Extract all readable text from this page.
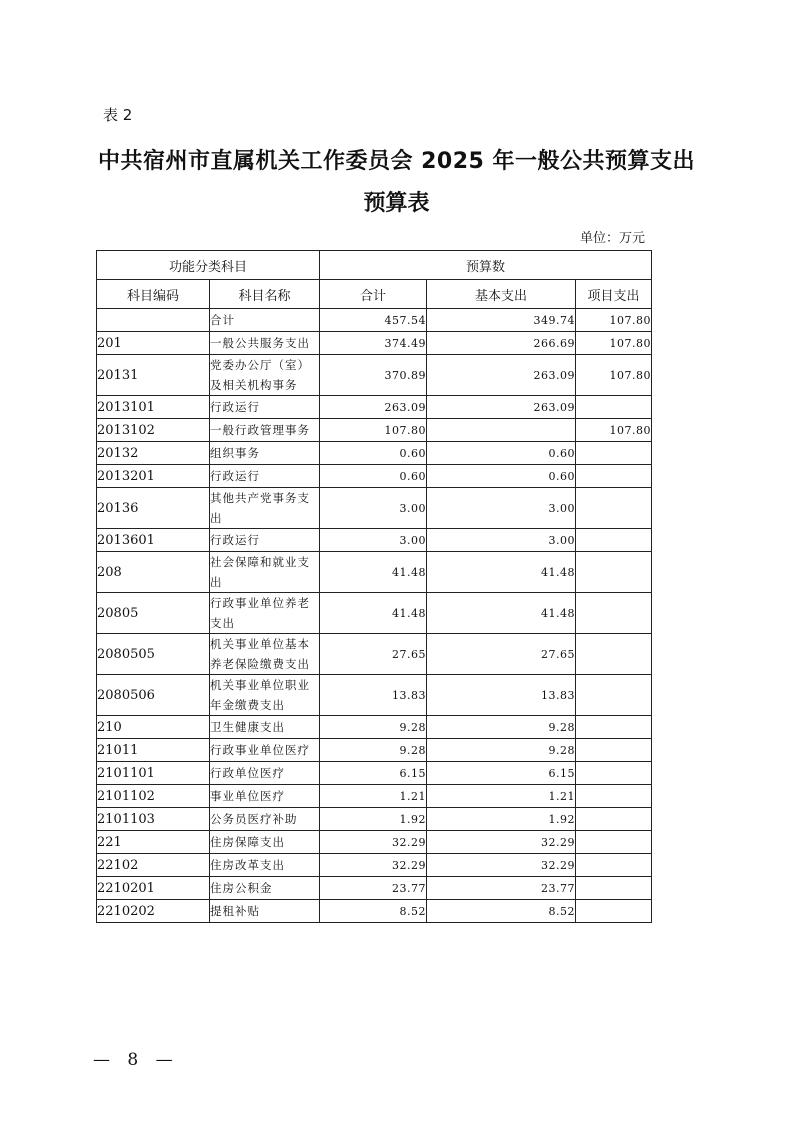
表 2
中共宿州市直属机关工作委员会 2025 年一般公共预算支出
预算表
单位：万元
功能分类科目		预算数		
科目编码	科目名称	合计	基本支出	项目支出
	合计	457.54	349.74	107.80
201	一般公共服务支出	374.49	266.69	107.80
20131	党委办公厅（室）及相关机构事务	370.89	263.09	107.80
2013101	行政运行	263.09	263.09	
2013102	一般行政管理事务	107.80		107.80
20132	组织事务	0.60	0.60	
2013201	行政运行	0.60	0.60	
20136	其他共产党事务支出	3.00	3.00	
2013601	行政运行	3.00	3.00	
208	社会保障和就业支出	41.48	41.48	
20805	行政事业单位养老支出	41.48	41.48	
2080505	机关事业单位基本养老保险缴费支出	27.65	27.65	
2080506	机关事业单位职业年金缴费支出	13.83	13.83	
210	卫生健康支出	9.28	9.28	
21011	行政事业单位医疗	9.28	9.28	
2101101	行政单位医疗	6.15	6.15	
2101102	事业单位医疗	1.21	1.21	
2101103	公务员医疗补助	1.92	1.92	
221	住房保障支出	32.29	32.29	
22102	住房改革支出	32.29	32.29	
2210201	住房公积金	23.77	23.77	
2210202	提租补贴	8.52	8.52	
— 8 —
